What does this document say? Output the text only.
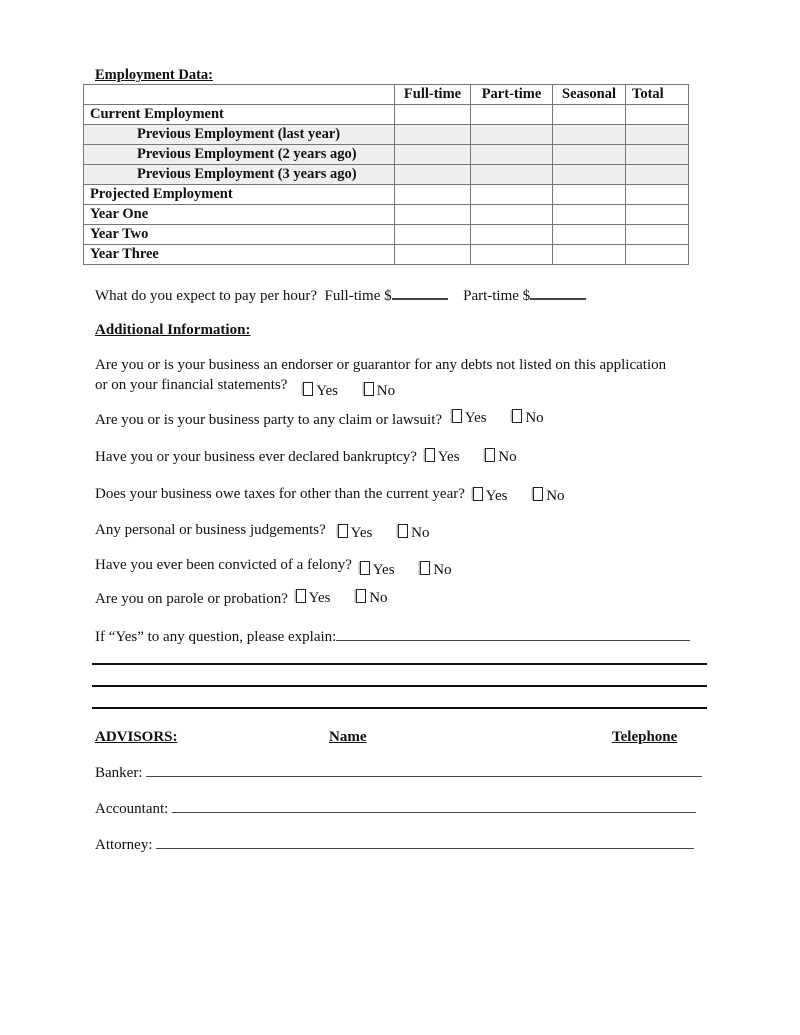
Employment Data:
	Full-time	Part-time	Seasonal	Total
Current Employment				
Previous Employment (last year)				
Previous Employment (2 years ago)				
Previous Employment (3 years ago)				
Projected Employment				
Year One				
Year Two				
Year Three				
What do you expect to pay per hour? Full-time $	Part-time $
Additional Information:
Are you or is your business an endorser or guarantor for any debts not listed on this application
or on your financial statements? Yes	No
Are you or is your business party to any claim or lawsuit? Yes	No
Have you or your business ever declared bankruptcy? Yes	No
Does your business owe taxes for other than the current year? Yes	No
Any personal or business judgements? Yes	No
Have you ever been convicted of a felony? Yes	No
Are you on parole or probation? Yes	No
If “Yes” to any question, please explain:
ADVISORS:	Name	Telephone
Banker:
Accountant:
Attorney:
